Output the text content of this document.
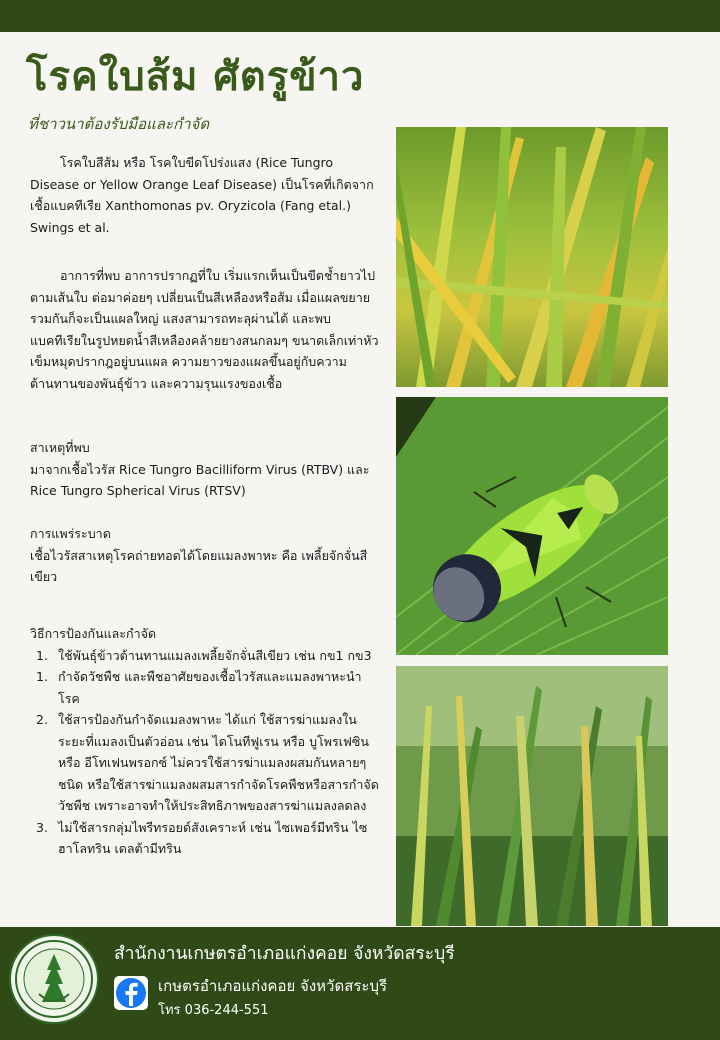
โรคใบส้ม ศัตรูข้าว
ที่ชาวนาต้องรับมือและกำจัด
โรคใบสีส้ม หรือ โรคใบขีดโปร่งแสง (Rice Tungro Disease or Yellow Orange Leaf Disease) เป็นโรคที่เกิดจากเชื้อแบคทีเรีย Xanthomonas pv. Oryzicola (Fang etal.) Swings et al.
อาการที่พบ อาการปรากฏที่ใบ เริ่มแรกเห็นเป็นขีดช้ำยาวไปตามเส้นใบ ต่อมาค่อยๆ เปลี่ยนเป็นสีเหลืองหรือส้ม เมื่อแผลขยายรวมกันก็จะเป็นแผลใหญ่ แสงสามารถทะลุผ่านได้ และพบแบคทีเรียในรูปหยดน้ำสีเหลืองคล้ายยางสนกลมๆ ขนาดเล็กเท่าหัวเข็มหมุดปรากฎอยู่บนแผล ความยาวของแผลขึ้นอยู่กับความต้านทานของพันธุ์ข้าว และความรุนแรงของเชื้อ
สาเหตุที่พบ
มาจากเชื้อไวรัส Rice Tungro Bacilliform Virus (RTBV) และ Rice Tungro Spherical Virus (RTSV)
การแพร่ระบาด
เชื้อไวรัสสาเหตุโรคถ่ายทอดได้โดยแมลงพาหะ คือ เพลี้ยจักจั่นสีเขียว
วิธีการป้องกันและกำจัด
1. ใช้พันธุ์ข้าวต้านทานแมลงเพลี้ยจักจั่นสีเขียว เช่น กข1 กข3
1. กำจัดวัชพืช และพืชอาศัยของเชื้อไวรัสและแมลงพาหะนำโรค
2. ใช้สารป้องกันกำจัดแมลงพาหะ ได้แก่ ใช้สารฆ่าแมลงในระยะที่แมลงเป็นตัวอ่อน เช่น ไดโนทีฟูเรน หรือ บูโพรเฟซิน หรือ อีโทเฟนพรอกซ์ ไม่ควรใช้สารฆ่าแมลงผสมกันหลายๆ ชนิด หรือใช้สารฆ่าแมลงผสมสารกำจัดโรคพืชหรือสารกำจัดวัชพืช เพราะอาจทำให้ประสิทธิภาพของสารฆ่าแมลงลดลง
3. ไม่ใช้สารกลุ่มไพรีทรอยด์สังเคราะห์ เช่น ไซเพอร์มีทริน ไซฮาโลทริน เดลต้ามีทริน
สำนักงานเกษตรอำเภอแก่งคอย จังหวัดสระบุรี
เกษตรอำเภอแก่งคอย จังหวัดสระบุรี
โทร 036-244-551
